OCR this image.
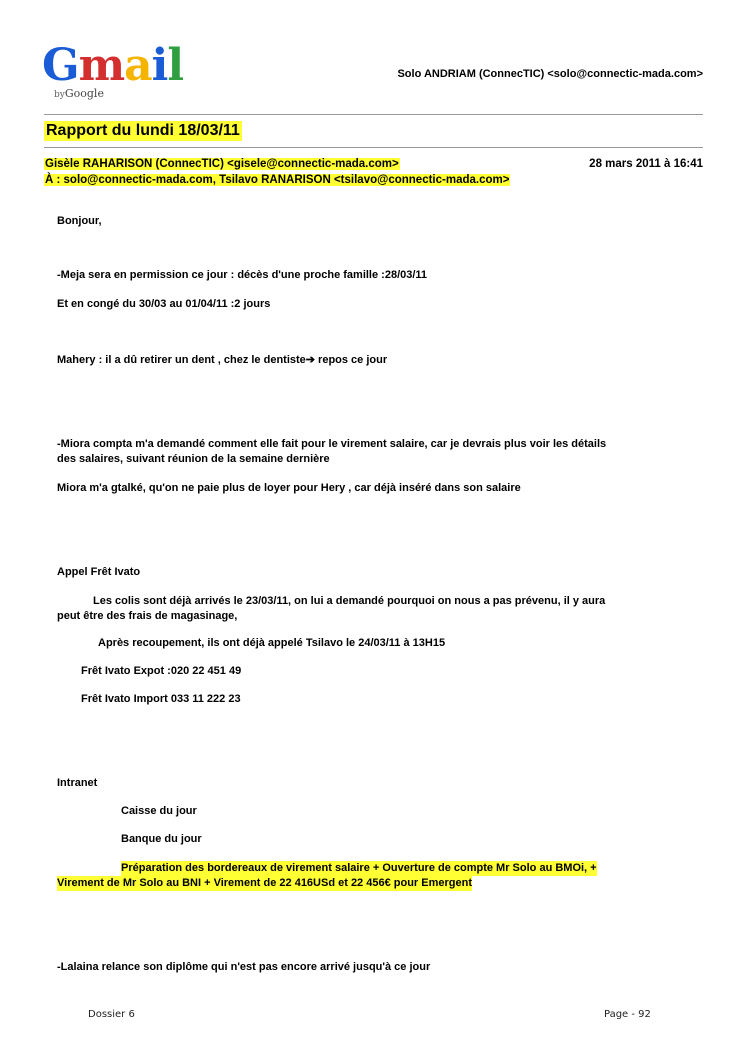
Gmail
byGoogle
Solo ANDRIAM (ConnecTIC) <solo@connectic-mada.com>
Rapport du lundi 18/03/11
Gisèle RAHARISON (ConnecTIC) <gisele@connectic-mada.com>	28 mars 2011 à 16:41
À : solo@connectic-mada.com, Tsilavo RANARISON <tsilavo@connectic-mada.com>
Bonjour,
-Meja sera en permission ce jour : décès d'une proche famille :28/03/11
Et en congé du 30/03 au 01/04/11 :2 jours
Mahery : il a dû retirer un dent , chez le dentiste➔ repos ce jour
-Miora compta m'a demandé comment elle fait pour le virement salaire, car je devrais plus voir les détails
des salaires, suivant réunion de la semaine dernière
Miora m'a gtalké, qu'on ne paie plus de loyer pour Hery , car déjà inséré dans son salaire
Appel Frêt Ivato
Les colis sont déjà arrivés le 23/03/11, on lui a demandé pourquoi on nous a pas prévenu, il y aura
peut être des frais de magasinage,
Après recoupement, ils ont déjà appelé Tsilavo le 24/03/11 à 13H15
Frêt Ivato Expot :020 22 451 49
Frêt Ivato Import 033 11 222 23
Intranet
Caisse du jour
Banque du jour
Préparation des bordereaux de virement salaire + Ouverture de compte Mr Solo au BMOi, +
Virement de Mr Solo au BNI + Virement de 22 416USd et 22 456€ pour Emergent
-Lalaina relance son diplôme qui n'est pas encore arrivé jusqu'à ce jour
Dossier 6	Page - 92
